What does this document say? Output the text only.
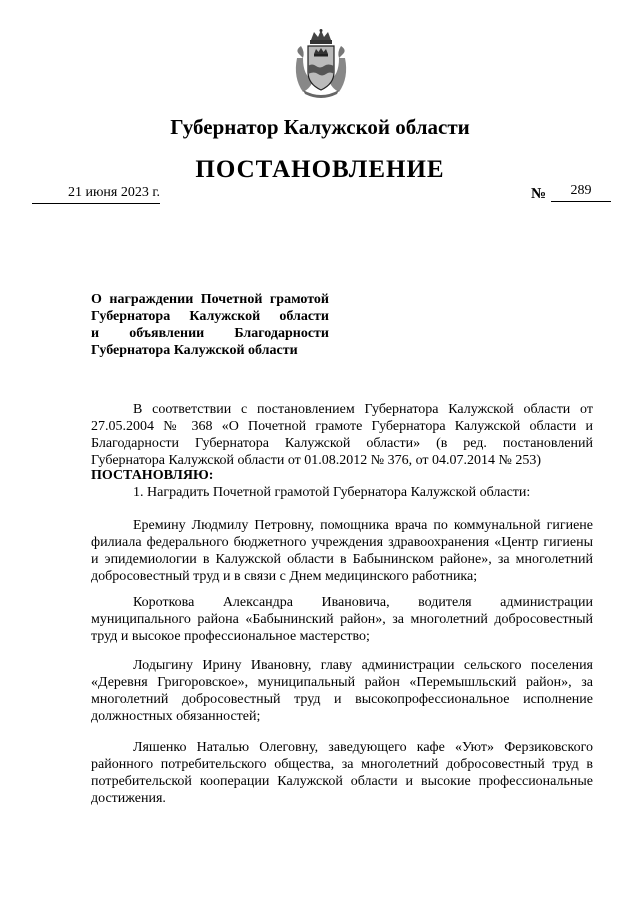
Губернатор Калужской области
ПОСТАНОВЛЕНИЕ
21 июня 2023 г.	№	289
О награждении Почетной грамотой
Губернатора Калужской области
и объявлении Благодарности
Губернатора Калужской области

В соответствии с постановлением Губернатора Калужской области от 27.05.2004 № 368 «О Почетной грамоте Губернатора Калужской области и Благодарности Губернатора Калужской области» (в ред. постановлений Губернатора Калужской области от 01.08.2012 № 376, от 04.07.2014 № 253)

ПОСТАНОВЛЯЮ:

1. Наградить Почетной грамотой Губернатора Калужской области:

Еремину Людмилу Петровну, помощника врача по коммунальной гигиене филиала федерального бюджетного учреждения здравоохранения «Центр гигиены и эпидемиологии в Калужской области в Бабынинском районе», за многолетний добросовестный труд и в связи с Днем медицинского работника;

Короткова Александра Ивановича, водителя администрации муниципального района «Бабынинский район», за многолетний добросовестный труд и высокое профессиональное мастерство;

Лодыгину Ирину Ивановну, главу администрации сельского поселения «Деревня Григоровское», муниципальный район «Перемышльский район», за многолетний добросовестный труд и высокопрофессиональное исполнение должностных обязанностей;

Ляшенко Наталью Олеговну, заведующего кафе «Уют» Ферзиковского районного потребительского общества, за многолетний добросовестный труд в потребительской кооперации Калужской области и высокие профессиональные достижения.
